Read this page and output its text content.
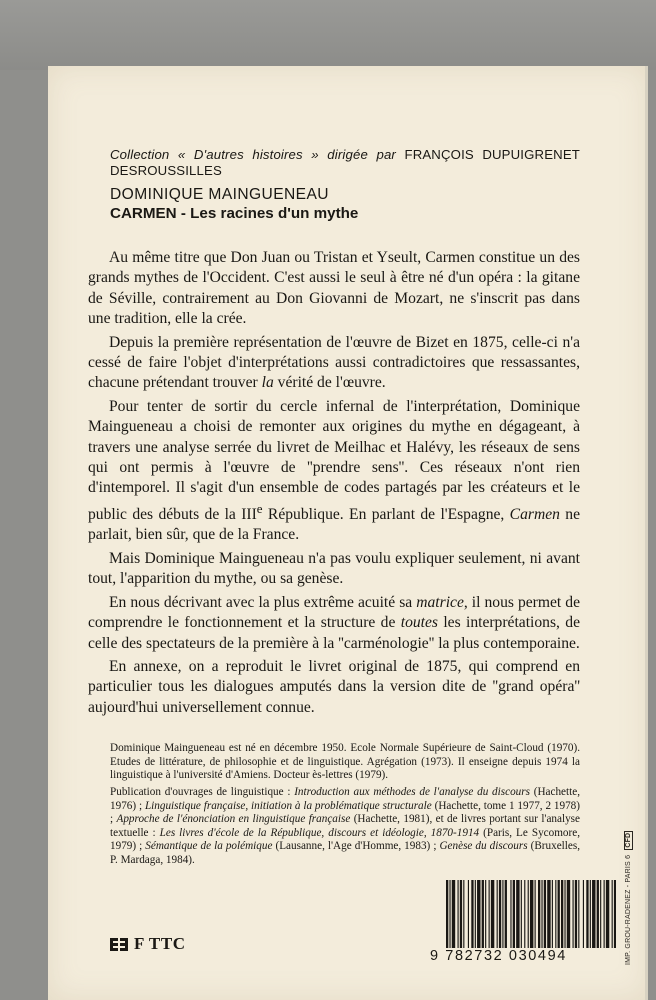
Collection « D'autres histoires » dirigée par FRANÇOIS DUPUIGRENET DESROUSSILLES
DOMINIQUE MAINGUENEAU
CARMEN - Les racines d'un mythe

Au même titre que Don Juan ou Tristan et Yseult, Carmen constitue un des grands mythes de l'Occident. C'est aussi le seul à être né d'un opéra : la gitane de Séville, contrairement au Don Giovanni de Mozart, ne s'inscrit pas dans une tradition, elle la crée.

Depuis la première représentation de l'œuvre de Bizet en 1875, celle-ci n'a cessé de faire l'objet d'interprétations aussi contradictoires que ressassantes, chacune prétendant trouver la vérité de l'œuvre.

Pour tenter de sortir du cercle infernal de l'interprétation, Dominique Maingueneau a choisi de remonter aux origines du mythe en dégageant, à travers une analyse serrée du livret de Meilhac et Halévy, les réseaux de sens qui ont permis à l'œuvre de ''prendre sens''. Ces réseaux n'ont rien d'intemporel. Il s'agit d'un ensemble de codes partagés par les créateurs et le public des débuts de la IIIe République. En parlant de l'Espagne, Carmen ne parlait, bien sûr, que de la France.

Mais Dominique Maingueneau n'a pas voulu expliquer seulement, ni avant tout, l'apparition du mythe, ou sa genèse.

En nous décrivant avec la plus extrême acuité sa matrice, il nous permet de comprendre le fonctionnement et la structure de toutes les interprétations, de celle des spectateurs de la première à la ''carménologie'' la plus contemporaine.

En annexe, on a reproduit le livret original de 1875, qui comprend en particulier tous les dialogues amputés dans la version dite de ''grand opéra'' aujourd'hui universellement connue.

Dominique Maingueneau est né en décembre 1950. Ecole Normale Supérieure de Saint-Cloud (1970). Etudes de littérature, de philosophie et de linguistique. Agrégation (1973). Il enseigne depuis 1974 la linguistique à l'université d'Amiens. Docteur ès-lettres (1979).

Publication d'ouvrages de linguistique : Introduction aux méthodes de l'analyse du discours (Hachette, 1976) ; Linguistique française, initiation à la problématique structurale (Hachette, tome 1 1977, 2 1978) ; Approche de l'énonciation en linguistique française (Hachette, 1981), et de livres portant sur l'analyse textuelle : Les livres d'école de la République, discours et idéologie, 1870-1914 (Paris, Le Sycomore, 1979) ; Sémantique de la polémique (Lausanne, l'Age d'Homme, 1983) ; Genèse du discours (Bruxelles, P. Mardaga, 1984).

F TTC
9 782732 030494	IMP. GROU-RADENEZ - PARIS 6 CFD
